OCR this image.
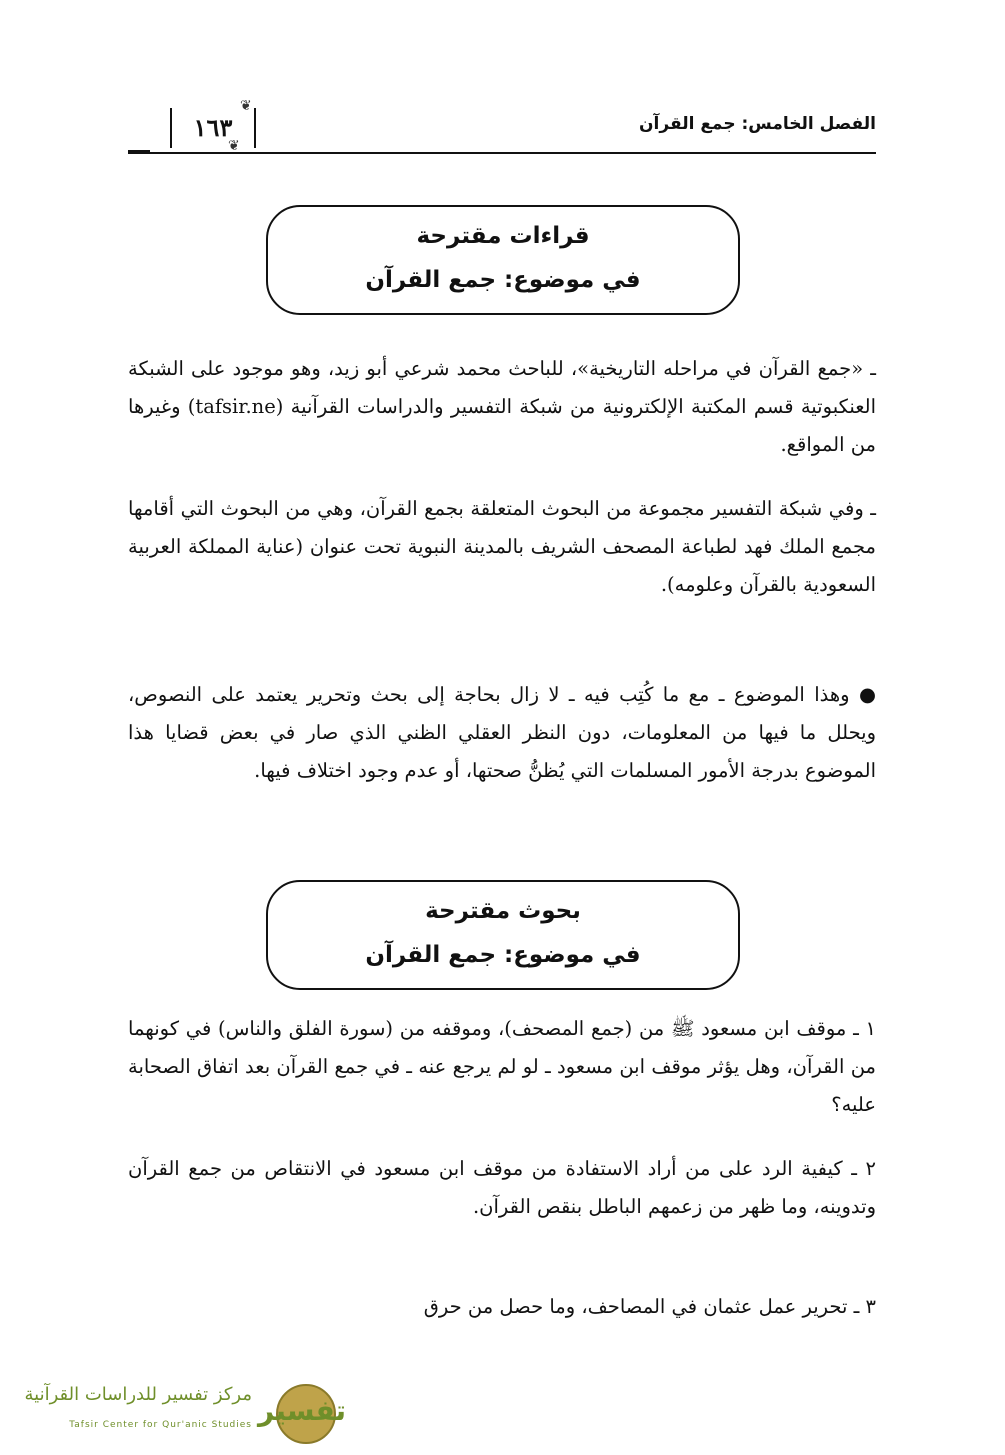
الفصل الخامس: جمع القرآن
١٦٣
❦
❦
قراءات مقترحة
في موضوع: جمع القرآن
ـ «جمع القرآن في مراحله التاريخية»، للباحث محمد شرعي أبو زيد، وهو موجود على الشبكة العنكبوتية قسم المكتبة الإلكترونية من شبكة التفسير والدراسات القرآنية (tafsir.ne) وغيرها من المواقع.
ـ وفي شبكة التفسير مجموعة من البحوث المتعلقة بجمع القرآن، وهي من البحوث التي أقامها مجمع الملك فهد لطباعة المصحف الشريف بالمدينة النبوية تحت عنوان (عناية المملكة العربية السعودية بالقرآن وعلومه).
● وهذا الموضوع ـ مع ما كُتِب فيه ـ لا زال بحاجة إلى بحث وتحرير يعتمد على النصوص، ويحلل ما فيها من المعلومات، دون النظر العقلي الظني الذي صار في بعض قضايا هذا الموضوع بدرجة الأمور المسلمات التي يُظنُّ صحتها، أو عدم وجود اختلاف فيها.
بحوث مقترحة
في موضوع: جمع القرآن
١ ـ موقف ابن مسعود ﷺ من (جمع المصحف)، وموقفه من (سورة الفلق والناس) في كونهما من القرآن، وهل يؤثر موقف ابن مسعود ـ لو لم يرجع عنه ـ في جمع القرآن بعد اتفاق الصحابة عليه؟
٢ ـ كيفية الرد على من أراد الاستفادة من موقف ابن مسعود في الانتقاص من جمع القرآن وتدوينه، وما ظهر من زعمهم الباطل بنقص القرآن.
٣ ـ تحرير عمل عثمان في المصاحف، وما حصل من حرق
تفسير
مركز تفسير للدراسات القرآنية
Tafsir Center for Qur'anic Studies
